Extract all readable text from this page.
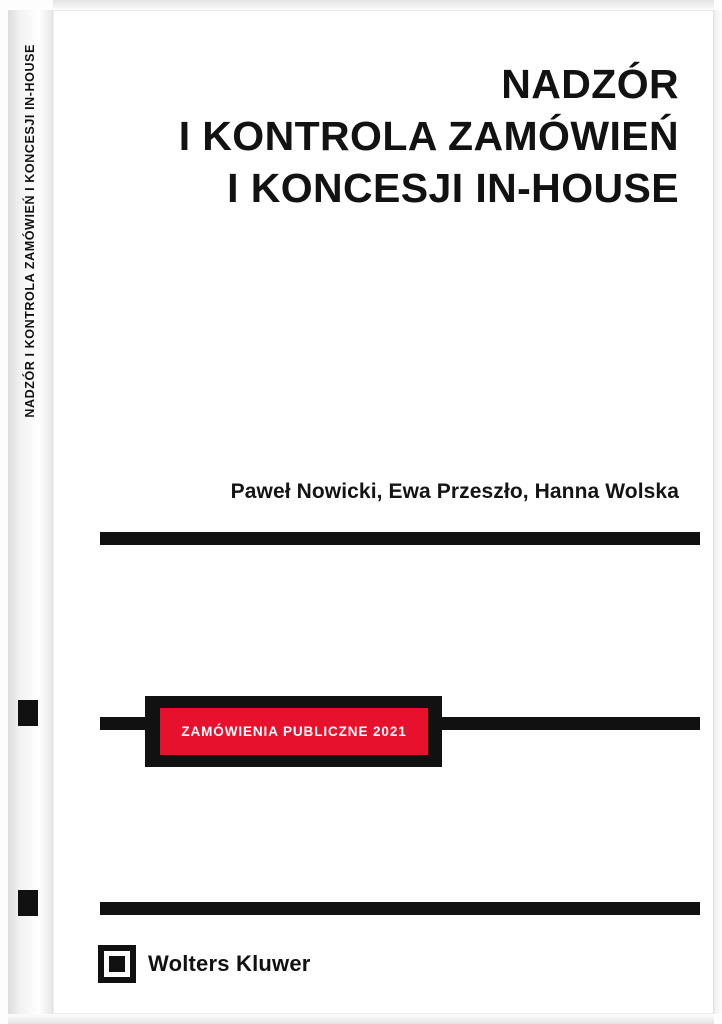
NADZÓR I KONTROLA ZAMÓWIEŃ I KONCESJI IN-HOUSE	NADZÓR
I KONTROLA ZAMÓWIEŃ
I KONCESJI IN-HOUSE
Paweł Nowicki, Ewa Przeszło, Hanna Wolska
ZAMÓWIENIA PUBLICZNE 2021
Wolters Kluwer
